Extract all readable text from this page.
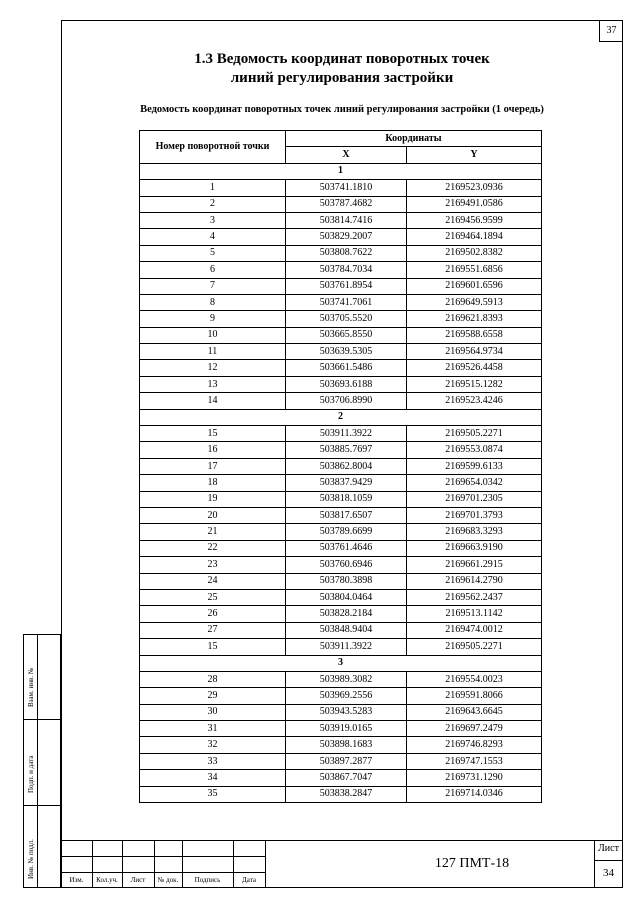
37
1.3 Ведомость координат поворотных точек
линий регулирования застройки
Ведомость координат поворотных точек линий регулирования застройки (1 очередь)
Номер поворотной точки	Координаты	
	X	Y
1		
1	503741.1810	2169523.0936
2	503787.4682	2169491.0586
3	503814.7416	2169456.9599
4	503829.2007	2169464.1894
5	503808.7622	2169502.8382
6	503784.7034	2169551.6856
7	503761.8954	2169601.6596
8	503741.7061	2169649.5913
9	503705.5520	2169621.8393
10	503665.8550	2169588.6558
11	503639.5305	2169564.9734
12	503661.5486	2169526.4458
13	503693.6188	2169515.1282
14	503706.8990	2169523.4246
2		
15	503911.3922	2169505.2271
16	503885.7697	2169553.0874
17	503862.8004	2169599.6133
18	503837.9429	2169654.0342
19	503818.1059	2169701.2305
20	503817.6507	2169701.3793
21	503789.6699	2169683.3293
22	503761.4646	2169663.9190
23	503760.6946	2169661.2915
24	503780.3898	2169614.2790
25	503804.0464	2169562.2437
26	503828.2184	2169513.1142
27	503848.9404	2169474.0012
15	503911.3922	2169505.2271
3		
28	503989.3082	2169554.0023
29	503969.2556	2169591.8066
30	503943.5283	2169643.6645
31	503919.0165	2169697.2479
32	503898.1683	2169746.8293
33	503897.2877	2169747.1553
34	503867.7047	2169731.1290
35	503838.2847	2169714.0346
Взам. инв. №
Подп. и дата
Инв. № подл.
Изм.	Кол.уч.	Лист	№ док.	Подпись	Дата
127 ПМТ-18
Лист
34
